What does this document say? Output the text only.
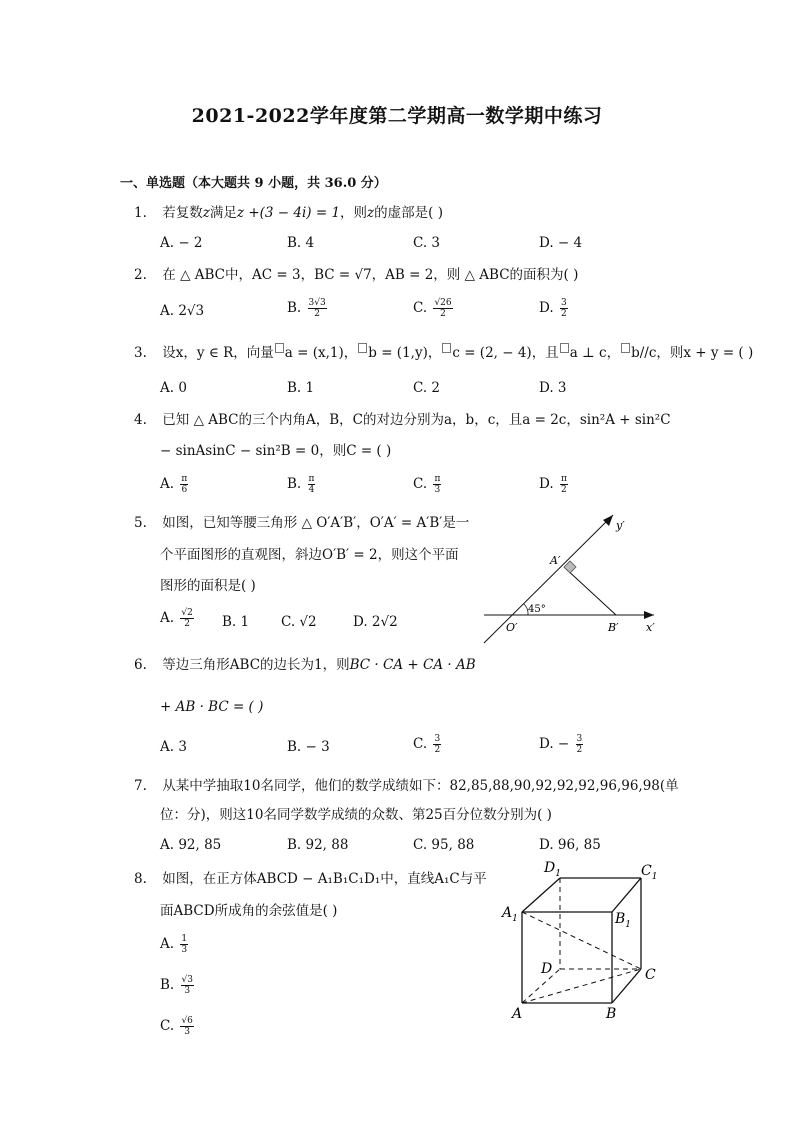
2021-2022学年度第二学期高一数学期中练习
一、单选题（本大题共 9 小题，共 36.0 分）
1. 若复数z满足z +(3 − 4i) = 1，则z的虚部是( )
A. − 2	B. 4	C. 3	D. − 4
2. 在 △ ABC中，AC = 3，BC = √7，AB = 2，则 △ ABC的面积为( )
A. 2√3	B. $\frac{3√3}{2}$	C. $\frac{√26}{2}$	D. $\frac{3}{2}$
3. 设x，y ∈ R，向量 a = (x,1)， b = (1,y)， c = (2, − 4)，且 a ⊥ c， b//c，则x + y = ( )
A. 0	B. 1	C. 2	D. 3
4. 已知 △ ABC的三个内角A，B，C的对边分别为a，b，c，且a = 2c，sin²A + sin²C
− sinAsinC − sin²B = 0，则C = ( )
A. $\frac{\pi}{6}$	B. $\frac{\pi}{4}$	C. $\frac{\pi}{3}$	D. $\frac{\pi}{2}$
5. 如图，已知等腰三角形 △ O′A′B′，O′A′ = A′B′是一
个平面图形的直观图，斜边O′B′ = 2，则这个平面
图形的面积是( )
A. $\frac{√2}{2} B$. 1 C. √2	D. 2√2
y′
x′
O′
A′
B′
45°
6. 等边三角形ABC的边长为1，则BC · CA + CA · AB
+ AB · BC = ( )
A. 3	B. − 3	C. $\frac{3}{2}$	D. − $\frac{3}{2}$
7. 从某中学抽取10名同学，他们的数学成绩如下：82,85,88,90,92,92,92,96,96,98(单
位：分)，则这10名同学数学成绩的众数、第25百分位数分别为( )
A. 92, 85	B. 92, 88	C. 95, 88	D. 96, 85
8. 如图，在正方体ABCD − A₁B₁C₁D₁中，直线A₁C与平
面ABCD所成角的余弦值是( )
A. $\frac{1}{3}$
B. $\frac{√3}{3}$
C. $\frac{√6}{3}$
$D_1$	$C_1$
$A_1$	$B_1$
D	C
A	B
